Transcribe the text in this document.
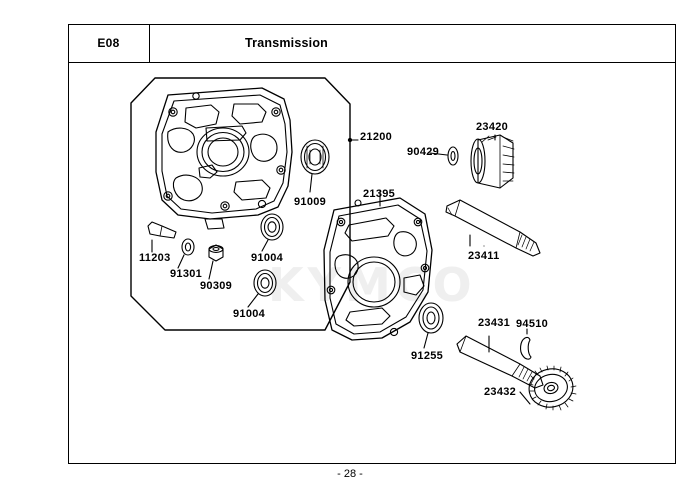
E08	Transmission
KYMCO
21200
91009
21395
90429
23420
23411
11203
91301
90309
91004
91004
91255
23431 94510
23432
- 28 -
